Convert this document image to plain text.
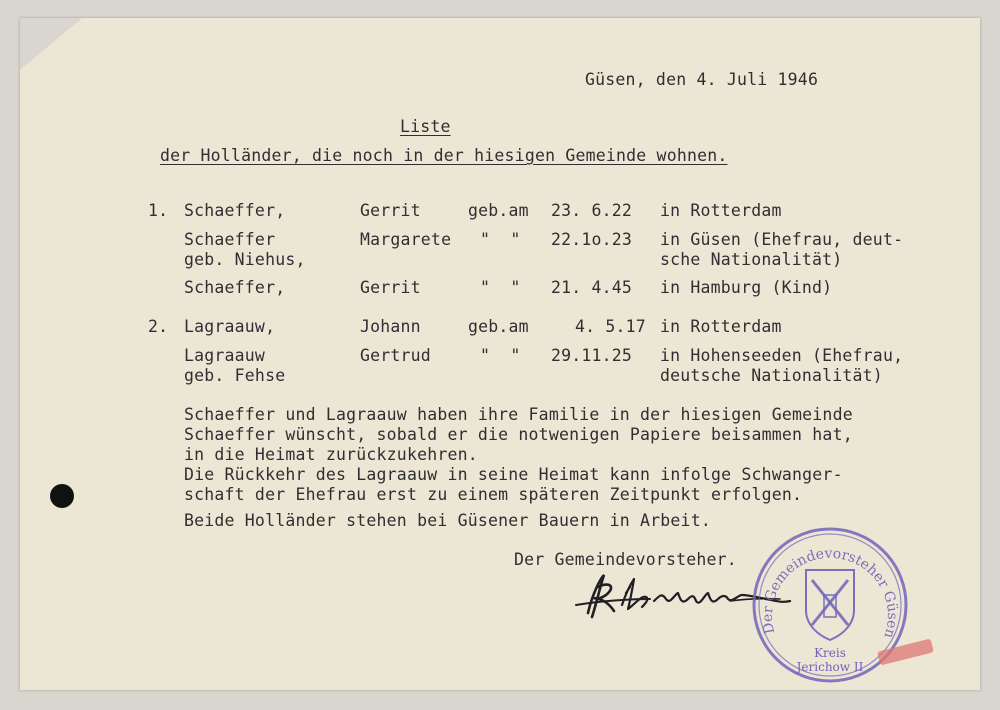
Güsen, den 4. Juli 1946
Liste
der Holländer, die noch in der hiesigen Gemeinde wohnen.
1. Schaeffer,	Gerrit	geb.am 23. 6.22 in Rotterdam
Schaeffer	Margarete "  " 22.1o.23 in Güsen (Ehefrau, deut-
geb. Niehus,	sche Nationalität)
Schaeffer,	Gerrit	"  " 21. 4.45 in Hamburg (Kind)
2. Lagraauw,	Johann	geb.am	4. 5.17 in Rotterdam
Lagraauw	Gertrud	"  " 29.11.25 in Hohenseeden (Ehefrau,
geb. Fehse	deutsche Nationalität)
Schaeffer und Lagraauw haben ihre Familie in der hiesigen Gemeinde
Schaeffer wünscht, sobald er die notwenigen Papiere beisammen hat,
in die Heimat zurückzukehren.
Die Rückkehr des Lagraauw in seine Heimat kann infolge Schwanger-
schaft der Ehefrau erst zu einem späteren Zeitpunkt erfolgen.
Beide Holländer stehen bei Güsener Bauern in Arbeit.
Der Gemeindevorsteher.
Der Gemeindevorsteher Güsen
Kreis
Jerichow II
